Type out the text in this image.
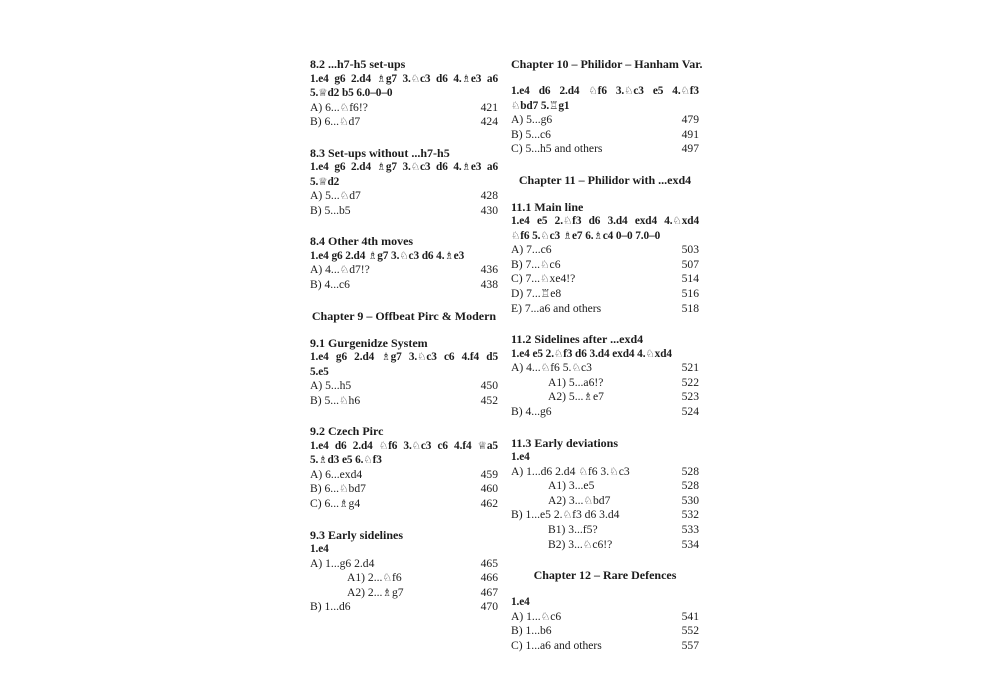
8.2 ...h7-h5 set-ups
1.e4 g6 2.d4 ♗g7 3.♘c3 d6 4.♗e3 a6
5.♕d2 b5 6.0–0–0
A) 6...♘f6!?	421
B) 6...♘d7	424
8.3 Set-ups without ...h7-h5
1.e4 g6 2.d4 ♗g7 3.♘c3 d6 4.♗e3 a6
5.♕d2
A) 5...♘d7	428
B) 5...b5	430
8.4 Other 4th moves
1.e4 g6 2.d4 ♗g7 3.♘c3 d6 4.♗e3
A) 4...♘d7!?	436
B) 4...c6	438
Chapter 9 – Offbeat Pirc & Modern
9.1 Gurgenidze System
1.e4 g6 2.d4 ♗g7 3.♘c3 c6 4.f4 d5
5.e5
A) 5...h5	450
B) 5...♘h6	452
9.2 Czech Pirc
1.e4 d6 2.d4 ♘f6 3.♘c3 c6 4.f4 ♕a5
5.♗d3 e5 6.♘f3
A) 6...exd4	459
B) 6...♘bd7	460
C) 6...♗g4	462
9.3 Early sidelines
1.e4
A) 1...g6 2.d4	465
A1) 2...♘f6	466
A2) 2...♗g7	467
B) 1...d6	470
Chapter 10 – Philidor – Hanham Var.
1.e4 d6 2.d4 ♘f6 3.♘c3 e5 4.♘f3
♘bd7 5.♖g1
A) 5...g6	479
B) 5...c6	491
C) 5...h5 and others	497
Chapter 11 – Philidor with ...exd4
11.1 Main line
1.e4 e5 2.♘f3 d6 3.d4 exd4 4.♘xd4
♘f6 5.♘c3 ♗e7 6.♗c4 0–0 7.0–0
A) 7...c6	503
B) 7...♘c6	507
C) 7...♘xe4!?	514
D) 7...♖e8	516
E) 7...a6 and others	518
11.2 Sidelines after ...exd4
1.e4 e5 2.♘f3 d6 3.d4 exd4 4.♘xd4
A) 4...♘f6 5.♘c3	521
A1) 5...a6!?	522
A2) 5...♗e7	523
B) 4...g6	524
11.3 Early deviations
1.e4
A) 1...d6 2.d4 ♘f6 3.♘c3	528
A1) 3...e5	528
A2) 3...♘bd7	530
B) 1...e5 2.♘f3 d6 3.d4	532
B1) 3...f5?	533
B2) 3...♘c6!?	534
Chapter 12 – Rare Defences
1.e4
A) 1...♘c6	541
B) 1...b6	552
C) 1...a6 and others	557
